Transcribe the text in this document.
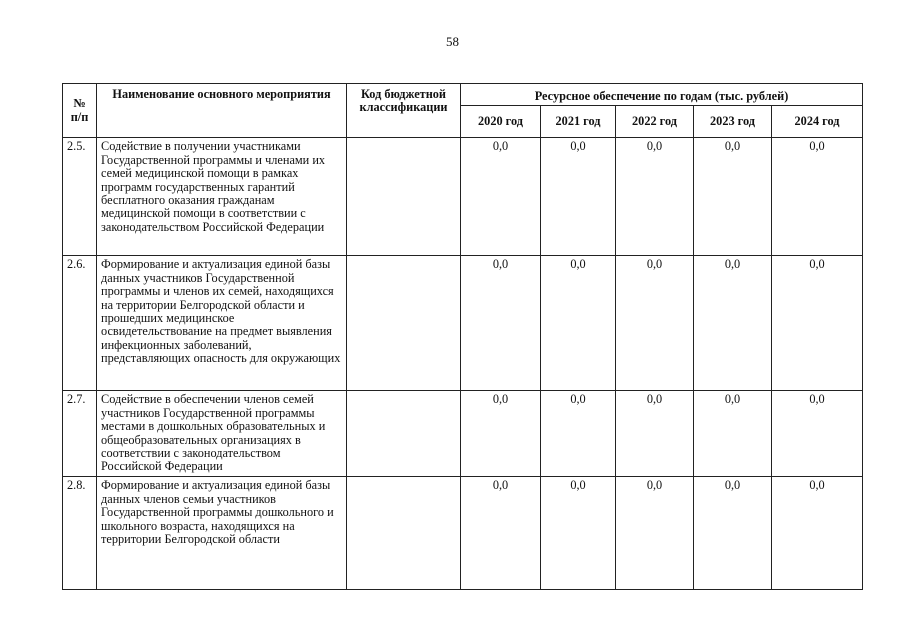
58
№ п/п	Наименование основного мероприятия	Код бюджетной классификации	Ресурсное обеспечение по годам (тыс. рублей)				
			2020 год	2021 год	2022 год	2023 год	2024 год
2.5.	Содействие в получении участниками Государственной программы и членами их семей медицинской помощи в рамках программ государственных гарантий бесплатного оказания гражданам медицинской помощи в соответствии с законодательством Российской Федерации		0,0	0,0	0,0	0,0	0,0
2.6.	Формирование и актуализация единой базы данных участников Государственной программы и членов их семей, находящихся на территории Белгородской области и прошедших медицинское освидетельствование на предмет выявления инфекционных заболеваний, представляющих опасность для окружающих		0,0	0,0	0,0	0,0	0,0
2.7.	Содействие в обеспечении членов семей участников Государственной программы местами в дошкольных образовательных и общеобразовательных организациях в соответствии с законодательством Российской Федерации		0,0	0,0	0,0	0,0	0,0
2.8.	Формирование и актуализация единой базы данных членов семьи участников Государственной программы дошкольного и школьного возраста, находящихся на территории Белгородской области		0,0	0,0	0,0	0,0	0,0
